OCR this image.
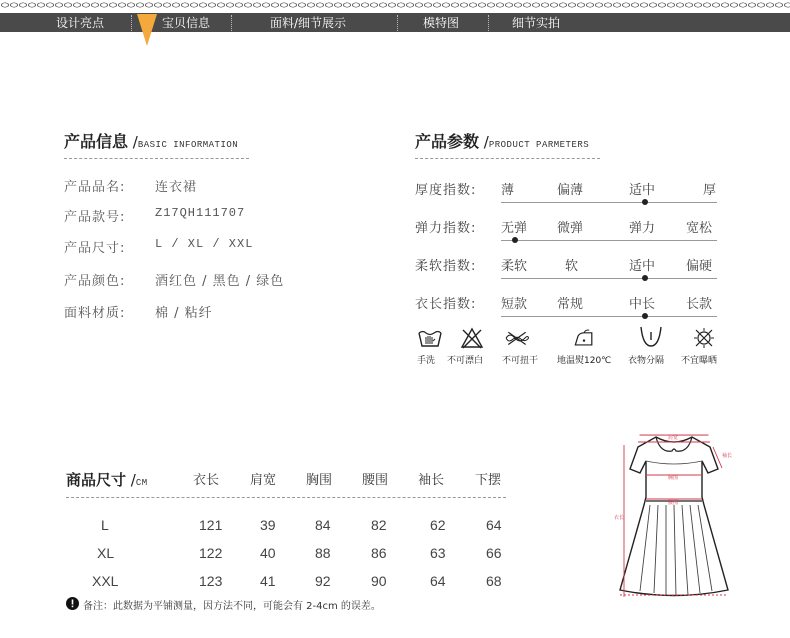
设计亮点	宝贝信息	面料/细节展示	模特图	细节实拍
产品信息 /BASIC INFORMATION
产品品名: 连衣裙
产品款号: Z17QH111707
产品尺寸: L / XL / XXL
产品颜色: 酒红色 / 黑色 / 绿色
面料材质: 棉 / 粘纤
产品参数 /PRODUCT PARMETERS
厚度指数: 薄	偏薄	适中	厚
弹力指数: 无弹 微弹	弹力 宽松
柔软指数: 柔软	软	适中 偏硬
衣长指数: 短款 常规	中长 长款
手洗 不可漂白 不可扭干 地温熨120℃ 衣物分隔 不宜曝晒
商品尺寸 /CM	衣长 肩宽 胸围 腰围 袖长 下摆
L	121	39	84	82	62	64
XL	122	40	88	86	63	66
XXL	123	41	92	90	64	68
备注：此数据为平铺测量，因方法不同，可能会有 2-4cm 的误差。
肩宽
袖长
胸围
腰围
衣长
